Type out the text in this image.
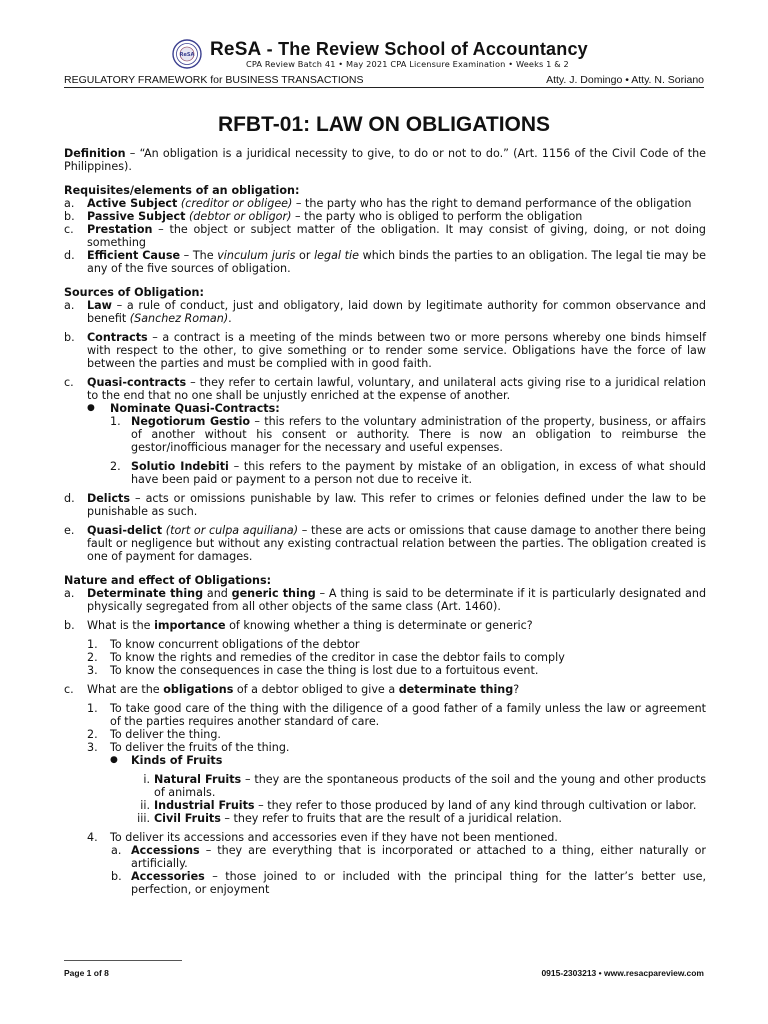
ReSA ReSA - The Review School of Accountancy
CPA Review Batch 41 • May 2021 CPA Licensure Examination • Weeks 1 & 2
REGULATORY FRAMEWORK for BUSINESS TRANSACTIONS	Atty. J. Domingo • Atty. N. Soriano
RFBT-01: LAW ON OBLIGATIONS

Definition – “An obligation is a juridical necessity to give, to do or not to do.” (Art. 1156 of the Civil Code of the Philippines).

Requisites/elements of an obligation:

a. Active Subject (creditor or obligee) – the party who has the right to demand performance of the obligation
b. Passive Subject (debtor or obligor) – the party who is obliged to perform the obligation
c. Prestation – the object or subject matter of the obligation. It may consist of giving, doing, or not doing something
d. Efficient Cause – The vinculum juris or legal tie which binds the parties to an obligation. The legal tie may be any of the five sources of obligation.

Sources of Obligation:

a. Law – a rule of conduct, just and obligatory, laid down by legitimate authority for common observance and benefit (Sanchez Roman).
b. Contracts – a contract is a meeting of the minds between two or more persons whereby one binds himself with respect to the other, to give something or to render some service. Obligations have the force of law between the parties and must be complied with in good faith.
c. Quasi-contracts – they refer to certain lawful, voluntary, and unilateral acts giving rise to a juridical relation to the end that no one shall be unjustly enriched at the expense of another.
● Nominate Quasi-Contracts:
1. Negotiorum Gestio – this refers to the voluntary administration of the property, business, or affairs of another without his consent or authority. There is now an obligation to reimburse the gestor/inofficious manager for the necessary and useful expenses.
2. Solutio Indebiti – this refers to the payment by mistake of an obligation, in excess of what should have been paid or payment to a person not due to receive it.
d. Delicts – acts or omissions punishable by law. This refer to crimes or felonies defined under the law to be punishable as such.
e. Quasi-delict (tort or culpa aquiliana) – these are acts or omissions that cause damage to another there being fault or negligence but without any existing contractual relation between the parties. The obligation created is one of payment for damages.

Nature and effect of Obligations:

a. Determinate thing and generic thing – A thing is said to be determinate if it is particularly designated and physically segregated from all other objects of the same class (Art. 1460).
b. What is the importance of knowing whether a thing is determinate or generic?
1. To know concurrent obligations of the debtor
2. To know the rights and remedies of the creditor in case the debtor fails to comply
3. To know the consequences in case the thing is lost due to a fortuitous event.
c. What are the obligations of a debtor obliged to give a determinate thing?
1. To take good care of the thing with the diligence of a good father of a family unless the law or agreement of the parties requires another standard of care.
2. To deliver the thing.
3. To deliver the fruits of the thing.
● Kinds of Fruits
i. Natural Fruits – they are the spontaneous products of the soil and the young and other products of animals.
ii. Industrial Fruits – they refer to those produced by land of any kind through cultivation or labor.
iii. Civil Fruits – they refer to fruits that are the result of a juridical relation.
4. To deliver its accessions and accessories even if they have not been mentioned.
a. Accessions – they are everything that is incorporated or attached to a thing, either naturally or artificially.
b. Accessories – those joined to or included with the principal thing for the latter’s better use, perfection, or enjoyment
Page 1 of 8	0915-2303213 • www.resacpareview.com
